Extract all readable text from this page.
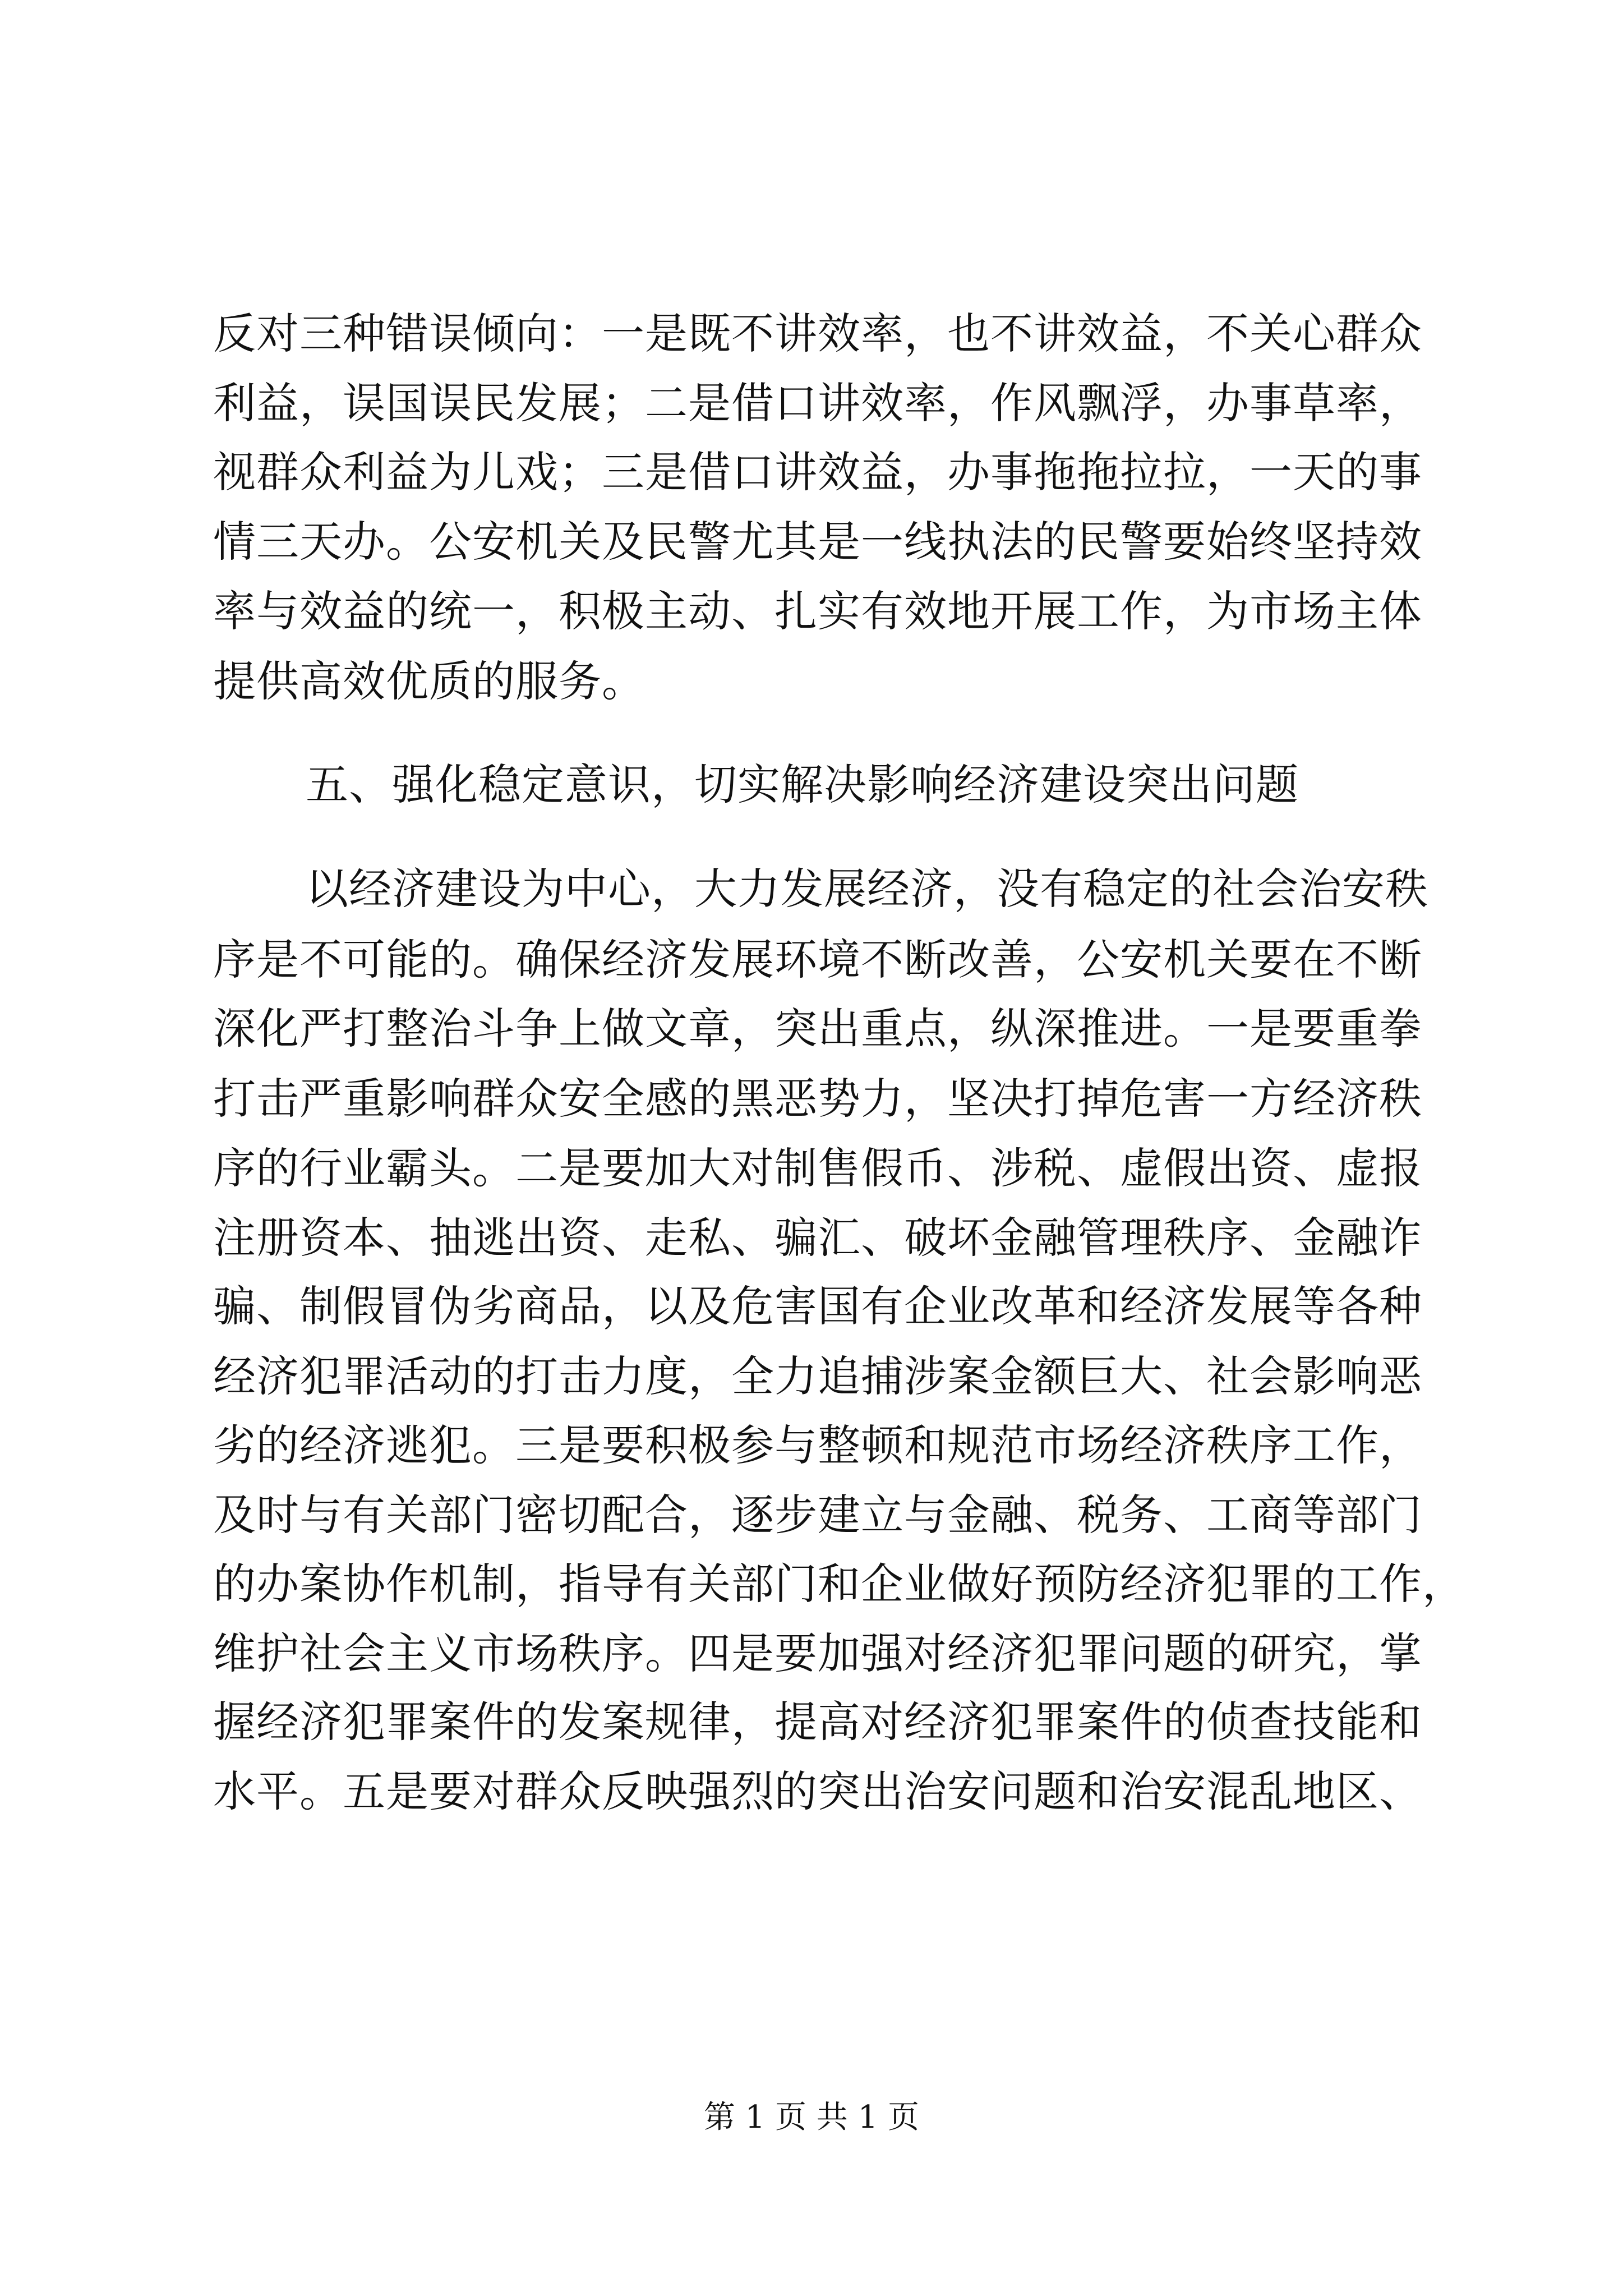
反对三种错误倾向：一是既不讲效率，也不讲效益，不关心群众
利益，误国误民发展；二是借口讲效率，作风飘浮，办事草率，
视群众利益为儿戏；三是借口讲效益，办事拖拖拉拉，一天的事
情三天办。公安机关及民警尤其是一线执法的民警要始终坚持效
率与效益的统一，积极主动、扎实有效地开展工作，为市场主体
提供高效优质的服务。
五、强化稳定意识，切实解决影响经济建设突出问题
以经济建设为中心，大力发展经济，没有稳定的社会治安秩
序是不可能的。确保经济发展环境不断改善，公安机关要在不断
深化严打整治斗争上做文章，突出重点，纵深推进。一是要重拳
打击严重影响群众安全感的黑恶势力，坚决打掉危害一方经济秩
序的行业霸头。二是要加大对制售假币、涉税、虚假出资、虚报
注册资本、抽逃出资、走私、骗汇、破坏金融管理秩序、金融诈
骗、制假冒伪劣商品，以及危害国有企业改革和经济发展等各种
经济犯罪活动的打击力度，全力追捕涉案金额巨大、社会影响恶
劣的经济逃犯。三是要积极参与整顿和规范市场经济秩序工作，
及时与有关部门密切配合，逐步建立与金融、税务、工商等部门
的办案协作机制，指导有关部门和企业做好预防经济犯罪的工作，
维护社会主义市场秩序。四是要加强对经济犯罪问题的研究，掌
握经济犯罪案件的发案规律，提高对经济犯罪案件的侦查技能和
水平。五是要对群众反映强烈的突出治安问题和治安混乱地区、
第 1 页 共 1 页
